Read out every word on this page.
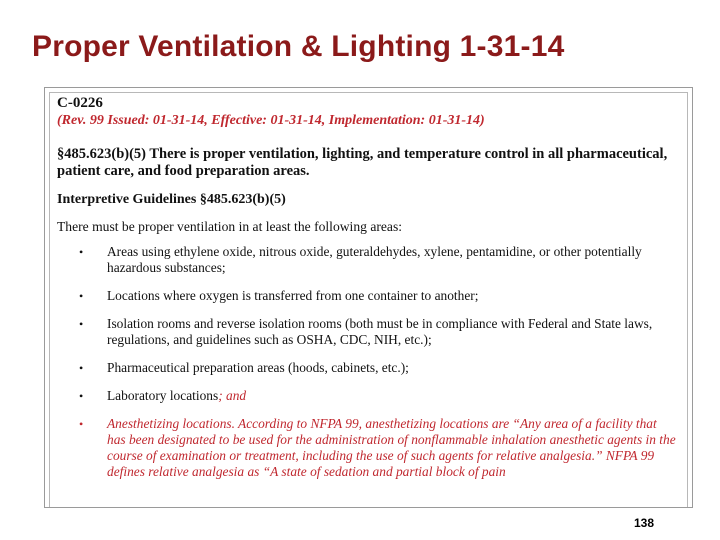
Proper Ventilation & Lighting 1-31-14
C-0226
(Rev. 99 Issued: 01-31-14, Effective: 01-31-14, Implementation: 01-31-14)
§485.623(b)(5) There is proper ventilation, lighting, and temperature control in all pharmaceutical, patient care, and food preparation areas.
Interpretive Guidelines §485.623(b)(5)
There must be proper ventilation in at least the following areas:
• Areas using ethylene oxide, nitrous oxide, guteraldehydes, xylene, pentamidine, or other potentially hazardous substances;
• Locations where oxygen is transferred from one container to another;
• Isolation rooms and reverse isolation rooms (both must be in compliance with Federal and State laws, regulations, and guidelines such as OSHA, CDC, NIH, etc.);
• Pharmaceutical preparation areas (hoods, cabinets, etc.);
• Laboratory locations; and
• Anesthetizing locations. According to NFPA 99, anesthetizing locations are “Any area of a facility that has been designated to be used for the administration of nonflammable inhalation anesthetic agents in the course of examination or treatment, including the use of such agents for relative analgesia.” NFPA 99 defines relative analgesia as “A state of sedation and partial block of pain
138
